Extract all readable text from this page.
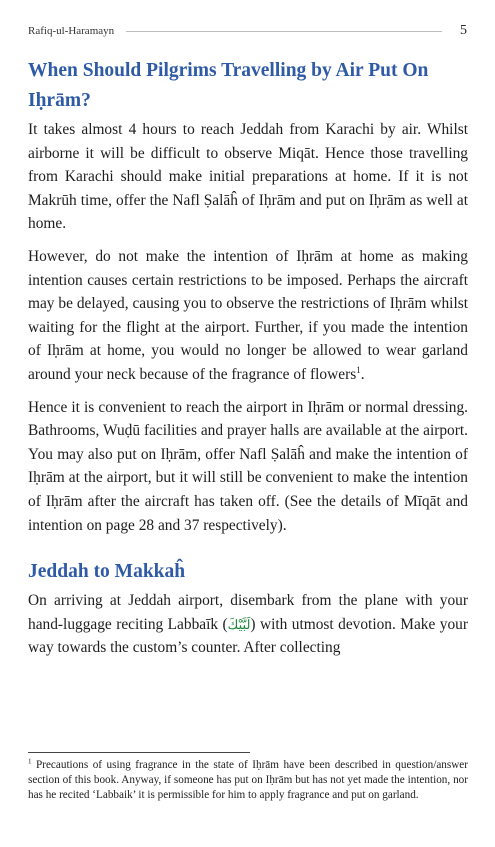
Rafiq-ul-Haramayn	5
When Should Pilgrims Travelling by Air Put On Iḥrām?

It takes almost 4 hours to reach Jeddah from Karachi by air. Whilst airborne it will be difficult to observe Miqāt. Hence those travelling from Karachi should make initial preparations at home. If it is not Makrūh time, offer the Nafl Ṣalāĥ of Iḥrām and put on Iḥrām as well at home.

However, do not make the intention of Iḥrām at home as making intention causes certain restrictions to be imposed. Perhaps the aircraft may be delayed, causing you to observe the restrictions of Iḥrām whilst waiting for the flight at the airport. Further, if you made the intention of Iḥrām at home, you would no longer be allowed to wear garland around your neck because of the fragrance of flowers$^1$.

Hence it is convenient to reach the airport in Iḥrām or normal dressing. Bathrooms, Wuḍū facilities and prayer halls are available at the airport. You may also put on Iḥrām, offer Nafl Ṣalāĥ and make the intention of Iḥrām at the airport, but it will still be convenient to make the intention of Iḥrām after the aircraft has taken off. (See the details of Mīqāt and intention on page 28 and 37 respectively).

Jeddah to Makkaĥ

On arriving at Jeddah airport, disembark from the plane with your hand-luggage reciting Labbaīk (لَبَّيْكَ) with utmost devotion. Make your way towards the custom’s counter. After collecting

$^1$ Precautions of using fragrance in the state of Iḥrām have been described in question/answer section of this book. Anyway, if someone has put on Iḥrām but has not yet made the intention, nor has he recited ‘Labbaik’ it is permissible for him to apply fragrance and put on garland.
